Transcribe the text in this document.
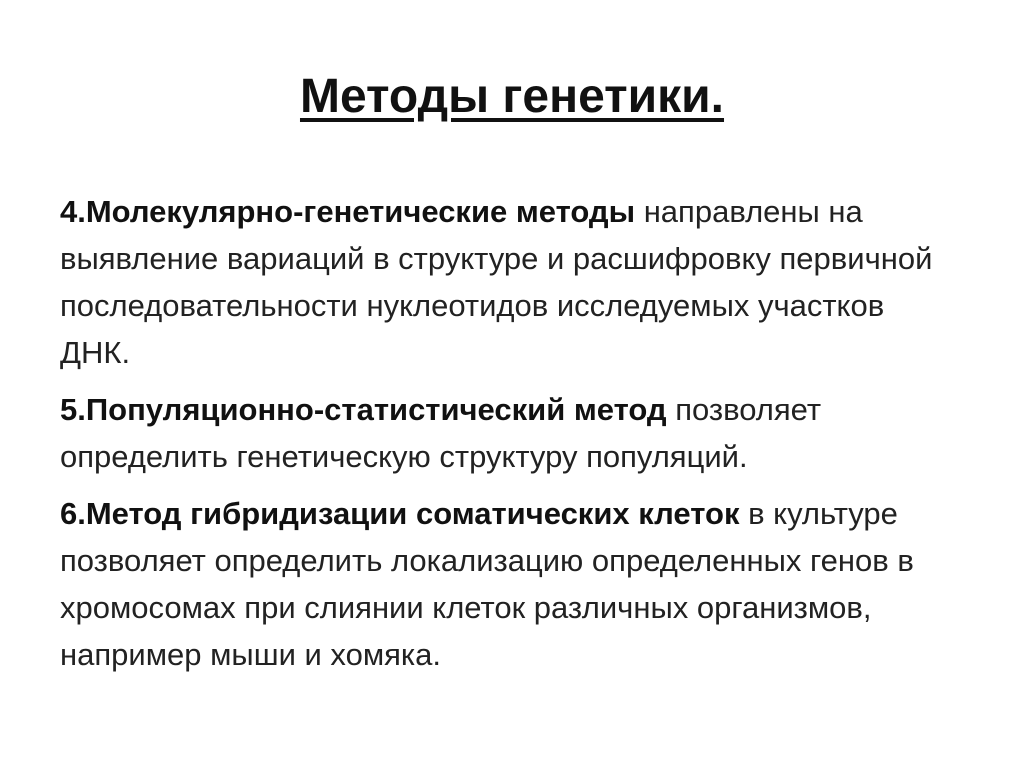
Методы генетики.

4.Молекулярно-генетические методы направлены на выявление вариаций в структуре и расшифровку первичной последовательности нуклеотидов исследуемых участков ДНК.

5.Популяционно-статистический метод позволяет определить генетическую структуру популяций.

6.Метод гибридизации соматических клеток в культуре позволяет определить локализацию определенных генов в хромосомах при слиянии клеток различных организмов, например мыши и хомяка.
